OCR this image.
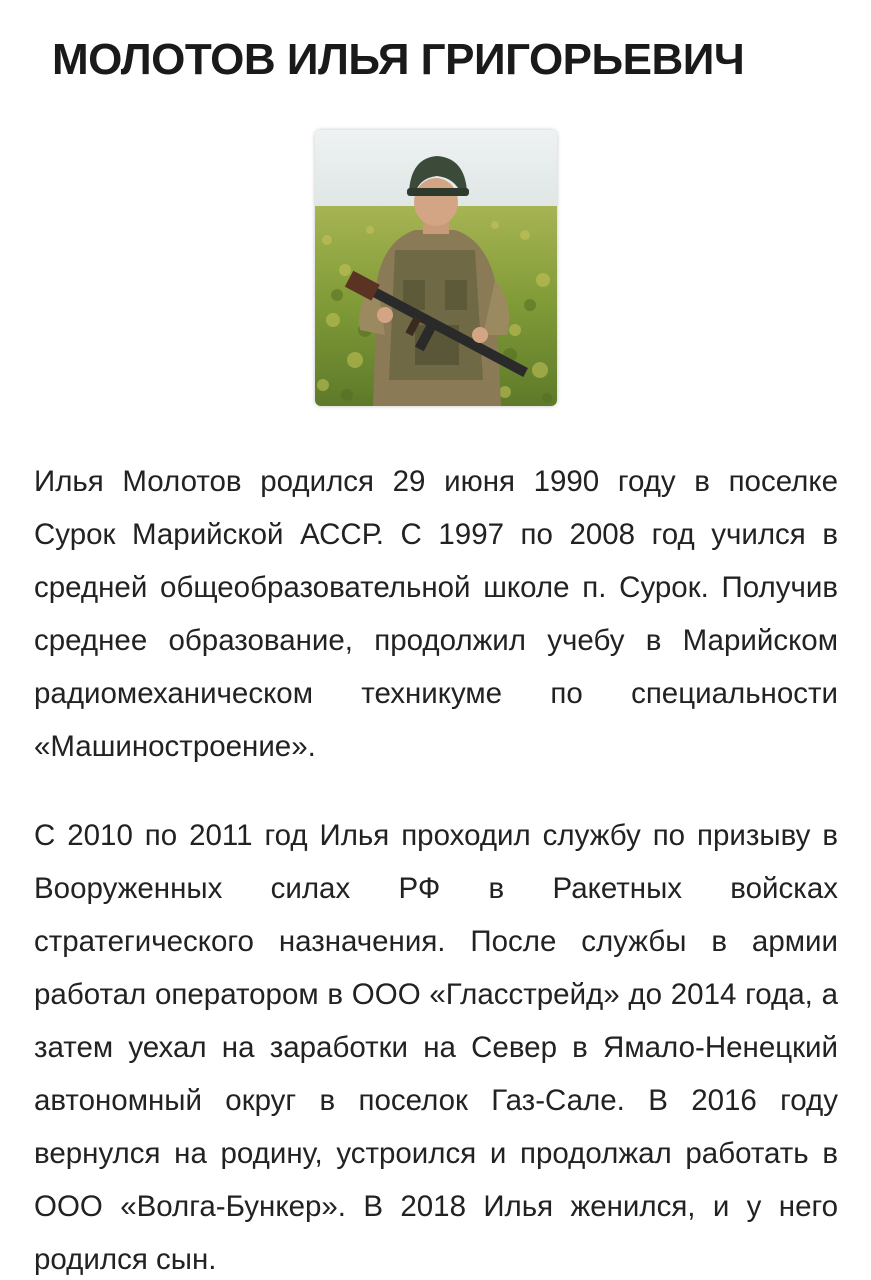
МОЛОТОВ ИЛЬЯ ГРИГОРЬЕВИЧ

Илья Молотов родился 29 июня 1990 году в поселке Сурок Марийской АССР. С 1997 по 2008 год учился в средней общеобразовательной школе п. Сурок. Получив среднее образование, продолжил учебу в Марийском радиомеханическом техникуме по специальности «Машиностроение».

С 2010 по 2011 год Илья проходил службу по призыву в Вооруженных силах РФ в Ракетных войсках стратегического назначения. После службы в армии работал оператором в ООО «Гласстрейд» до 2014 года, а затем уехал на заработки на Север в Ямало-Ненецкий автономный округ в поселок Газ-Сале. В 2016 году вернулся на родину, устроился и продолжал работать в ООО «Волга-Бункер». В 2018 Илья женился, и у него родился сын.
